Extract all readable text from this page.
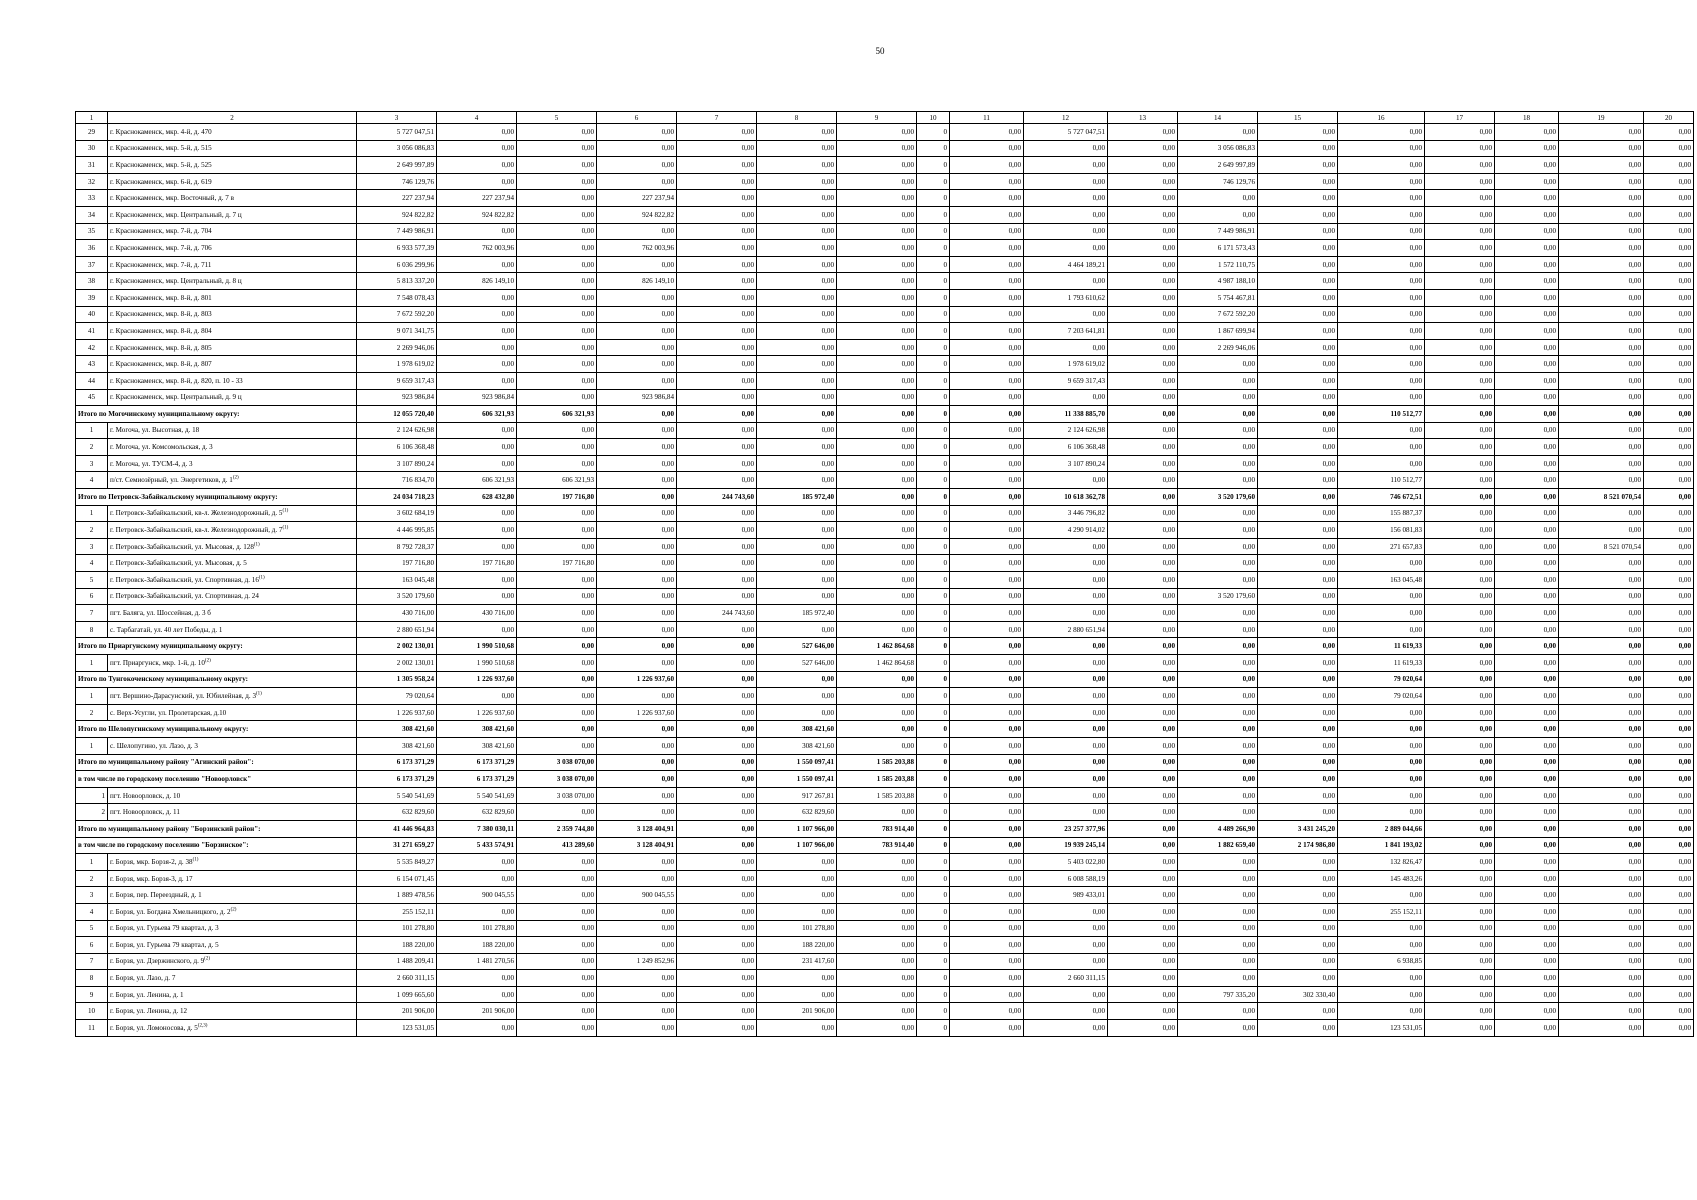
50
1	2	3	4	5	6	7	8	9	10	11	12	13	14	15	16	17	18	19	20
29	г. Краснокаменск, мкр. 4-й, д. 470	5 727 047,51	0,00	0,00	0,00	0,00	0,00	0,00	0	0,00	5 727 047,51	0,00	0,00	0,00	0,00	0,00	0,00	0,00	0,00
30	г. Краснокаменск, мкр. 5-й, д. 515	3 056 086,83	0,00	0,00	0,00	0,00	0,00	0,00	0	0,00	0,00	0,00	3 056 086,83	0,00	0,00	0,00	0,00	0,00	0,00
31	г. Краснокаменск, мкр. 5-й, д. 525	2 649 997,89	0,00	0,00	0,00	0,00	0,00	0,00	0	0,00	0,00	0,00	2 649 997,89	0,00	0,00	0,00	0,00	0,00	0,00
32	г. Краснокаменск, мкр. 6-й, д. 619	746 129,76	0,00	0,00	0,00	0,00	0,00	0,00	0	0,00	0,00	0,00	746 129,76	0,00	0,00	0,00	0,00	0,00	0,00
33	г. Краснокаменск, мкр. Восточный, д. 7 в	227 237,94	227 237,94	0,00	227 237,94	0,00	0,00	0,00	0	0,00	0,00	0,00	0,00	0,00	0,00	0,00	0,00	0,00	0,00
34	г. Краснокаменск, мкр. Центральный, д. 7 ц	924 822,82	924 822,82	0,00	924 822,82	0,00	0,00	0,00	0	0,00	0,00	0,00	0,00	0,00	0,00	0,00	0,00	0,00	0,00
35	г. Краснокаменск, мкр. 7-й, д. 704	7 449 986,91	0,00	0,00	0,00	0,00	0,00	0,00	0	0,00	0,00	0,00	7 449 986,91	0,00	0,00	0,00	0,00	0,00	0,00
36	г. Краснокаменск, мкр. 7-й, д. 706	6 933 577,39	762 003,96	0,00	762 003,96	0,00	0,00	0,00	0	0,00	0,00	0,00	6 171 573,43	0,00	0,00	0,00	0,00	0,00	0,00
37	г. Краснокаменск, мкр. 7-й, д. 711	6 036 299,96	0,00	0,00	0,00	0,00	0,00	0,00	0	0,00	4 464 189,21	0,00	1 572 110,75	0,00	0,00	0,00	0,00	0,00	0,00
38	г. Краснокаменск, мкр. Центральный, д. 8 ц	5 813 337,20	826 149,10	0,00	826 149,10	0,00	0,00	0,00	0	0,00	0,00	0,00	4 987 188,10	0,00	0,00	0,00	0,00	0,00	0,00
39	г. Краснокаменск, мкр. 8-й, д. 801	7 548 078,43	0,00	0,00	0,00	0,00	0,00	0,00	0	0,00	1 793 610,62	0,00	5 754 467,81	0,00	0,00	0,00	0,00	0,00	0,00
40	г. Краснокаменск, мкр. 8-й, д. 803	7 672 592,20	0,00	0,00	0,00	0,00	0,00	0,00	0	0,00	0,00	0,00	7 672 592,20	0,00	0,00	0,00	0,00	0,00	0,00
41	г. Краснокаменск, мкр. 8-й, д. 804	9 071 341,75	0,00	0,00	0,00	0,00	0,00	0,00	0	0,00	7 203 641,81	0,00	1 867 699,94	0,00	0,00	0,00	0,00	0,00	0,00
42	г. Краснокаменск, мкр. 8-й, д. 805	2 269 946,06	0,00	0,00	0,00	0,00	0,00	0,00	0	0,00	0,00	0,00	2 269 946,06	0,00	0,00	0,00	0,00	0,00	0,00
43	г. Краснокаменск, мкр. 8-й, д. 807	1 978 619,02	0,00	0,00	0,00	0,00	0,00	0,00	0	0,00	1 978 619,02	0,00	0,00	0,00	0,00	0,00	0,00	0,00	0,00
44	г. Краснокаменск, мкр. 8-й, д. 820, п. 10 - 33	9 659 317,43	0,00	0,00	0,00	0,00	0,00	0,00	0	0,00	9 659 317,43	0,00	0,00	0,00	0,00	0,00	0,00	0,00	0,00
45	г. Краснокаменск, мкр. Центральный, д. 9 ц	923 986,84	923 986,84	0,00	923 986,84	0,00	0,00	0,00	0	0,00	0,00	0,00	0,00	0,00	0,00	0,00	0,00	0,00	0,00
Итого по Могочинскому муниципальному округу:		12 055 720,40	606 321,93	606 321,93	0,00	0,00	0,00	0,00	0	0,00	11 338 885,70	0,00	0,00	0,00	110 512,77	0,00	0,00	0,00	0,00
1	г. Могоча, ул. Высотная, д. 18	2 124 626,98	0,00	0,00	0,00	0,00	0,00	0,00	0	0,00	2 124 626,98	0,00	0,00	0,00	0,00	0,00	0,00	0,00	0,00
2	г. Могоча, ул. Комсомольская, д. 3	6 106 368,48	0,00	0,00	0,00	0,00	0,00	0,00	0	0,00	6 106 368,48	0,00	0,00	0,00	0,00	0,00	0,00	0,00	0,00
3	г. Могоча, ул. ТУСМ-4, д. 3	3 107 890,24	0,00	0,00	0,00	0,00	0,00	0,00	0	0,00	3 107 890,24	0,00	0,00	0,00	0,00	0,00	0,00	0,00	0,00
4	п/ст. Семиозёрный, ул. Энергетиков, д. 1$^{(2)}$	716 834,70	606 321,93	606 321,93	0,00	0,00	0,00	0,00	0	0,00	0,00	0,00	0,00	0,00	110 512,77	0,00	0,00	0,00	0,00
Итого по Петровск-Забайкальскому муниципальному округу:		24 034 718,23	628 432,80	197 716,80	0,00	244 743,60	185 972,40	0,00	0	0,00	10 618 362,78	0,00	3 520 179,60	0,00	746 672,51	0,00	0,00	8 521 070,54	0,00
1	г. Петровск-Забайкальский, кв-л. Железнодорожный, д. 5$^{(1)}$	3 602 684,19	0,00	0,00	0,00	0,00	0,00	0,00	0	0,00	3 446 796,82	0,00	0,00	0,00	155 887,37	0,00	0,00	0,00	0,00
2	г. Петровск-Забайкальский, кв-л. Железнодорожный, д. 7$^{(1)}$	4 446 995,85	0,00	0,00	0,00	0,00	0,00	0,00	0	0,00	4 290 914,02	0,00	0,00	0,00	156 081,83	0,00	0,00	0,00	0,00
3	г. Петровск-Забайкальский, ул. Мысовая, д. 128$^{(1)}$	8 792 728,37	0,00	0,00	0,00	0,00	0,00	0,00	0	0,00	0,00	0,00	0,00	0,00	271 657,83	0,00	0,00	8 521 070,54	0,00
4	г. Петровск-Забайкальский, ул. Мысовая, д. 5	197 716,80	197 716,80	197 716,80	0,00	0,00	0,00	0,00	0	0,00	0,00	0,00	0,00	0,00	0,00	0,00	0,00	0,00	0,00
5	г. Петровск-Забайкальский, ул. Спортивная, д. 16$^{(1)}$	163 045,48	0,00	0,00	0,00	0,00	0,00	0,00	0	0,00	0,00	0,00	0,00	0,00	163 045,48	0,00	0,00	0,00	0,00
6	г. Петровск-Забайкальский, ул. Спортивная, д. 24	3 520 179,60	0,00	0,00	0,00	0,00	0,00	0,00	0	0,00	0,00	0,00	3 520 179,60	0,00	0,00	0,00	0,00	0,00	0,00
7	пгт. Балягa, ул. Шоссейная, д. 3 б	430 716,00	430 716,00	0,00	0,00	244 743,60	185 972,40	0,00	0	0,00	0,00	0,00	0,00	0,00	0,00	0,00	0,00	0,00	0,00
8	с. Тарбагатай, ул. 40 лет Победы, д. 1	2 880 651,94	0,00	0,00	0,00	0,00	0,00	0,00	0	0,00	2 880 651,94	0,00	0,00	0,00	0,00	0,00	0,00	0,00	0,00
Итого по Приаргунскому муниципальному округу:		2 002 130,01	1 990 510,68	0,00	0,00	0,00	527 646,00	1 462 864,68	0	0,00	0,00	0,00	0,00	0,00	11 619,33	0,00	0,00	0,00	0,00
1	пгт. Приаргунск, мкр. 1-й, д. 10$^{(2)}$	2 002 130,01	1 990 510,68	0,00	0,00	0,00	527 646,00	1 462 864,68	0	0,00	0,00	0,00	0,00	0,00	11 619,33	0,00	0,00	0,00	0,00
Итого по Тунгокоченскому муниципальному округу:		1 305 958,24	1 226 937,60	0,00	1 226 937,60	0,00	0,00	0,00	0	0,00	0,00	0,00	0,00	0,00	79 020,64	0,00	0,00	0,00	0,00
1	пгт. Вершино-Дарасунский, ул. Юбилейная, д. 3$^{(1)}$	79 020,64	0,00	0,00	0,00	0,00	0,00	0,00	0	0,00	0,00	0,00	0,00	0,00	79 020,64	0,00	0,00	0,00	0,00
2	с. Верх-Усугли, ул. Пролетарская, д.10	1 226 937,60	1 226 937,60	0,00	1 226 937,60	0,00	0,00	0,00	0	0,00	0,00	0,00	0,00	0,00	0,00	0,00	0,00	0,00	0,00
Итого по Шелопугинскому муниципальному округу:		308 421,60	308 421,60	0,00	0,00	0,00	308 421,60	0,00	0	0,00	0,00	0,00	0,00	0,00	0,00	0,00	0,00	0,00	0,00
1	с. Шелопугино, ул. Лазо, д. 3	308 421,60	308 421,60	0,00	0,00	0,00	308 421,60	0,00	0	0,00	0,00	0,00	0,00	0,00	0,00	0,00	0,00	0,00	0,00
Итого по муниципальному району "Агинский район":		6 173 371,29	6 173 371,29	3 038 070,00	0,00	0,00	1 550 097,41	1 585 203,88	0	0,00	0,00	0,00	0,00	0,00	0,00	0,00	0,00	0,00	0,00
в том числе по городскому поселению "Новоорловск"		6 173 371,29	6 173 371,29	3 038 070,00	0,00	0,00	1 550 097,41	1 585 203,88	0	0,00	0,00	0,00	0,00	0,00	0,00	0,00	0,00	0,00	0,00
1	пгт. Новоорловск, д. 10	5 540 541,69	5 540 541,69	3 038 070,00	0,00	0,00	917 267,81	1 585 203,88	0	0,00	0,00	0,00	0,00	0,00	0,00	0,00	0,00	0,00	0,00
2	пгт. Новоорловск, д. 11	632 829,60	632 829,60	0,00	0,00	0,00	632 829,60	0,00	0	0,00	0,00	0,00	0,00	0,00	0,00	0,00	0,00	0,00	0,00
Итого по муниципальному району "Борзинский район":		41 446 964,83	7 380 030,11	2 359 744,80	3 128 404,91	0,00	1 107 966,00	783 914,40	0	0,00	23 257 377,96	0,00	4 489 266,90	3 431 245,20	2 889 044,66	0,00	0,00	0,00	0,00
в том числе по городскому поселению "Борзинское":		31 271 659,27	5 433 574,91	413 289,60	3 128 404,91	0,00	1 107 966,00	783 914,40	0	0,00	19 939 245,14	0,00	1 882 659,40	2 174 986,80	1 841 193,02	0,00	0,00	0,00	0,00
1	г. Борзя, мкр. Борзя-2, д. 38$^{(1)}$	5 535 849,27	0,00	0,00	0,00	0,00	0,00	0,00	0	0,00	5 403 022,80	0,00	0,00	0,00	132 826,47	0,00	0,00	0,00	0,00
2	г. Борзя, мкр. Борзя-3, д. 17	6 154 071,45	0,00	0,00	0,00	0,00	0,00	0,00	0	0,00	6 008 588,19	0,00	0,00	0,00	145 483,26	0,00	0,00	0,00	0,00
3	г. Борзя, пер. Переездный, д. 1	1 889 478,56	900 045,55	0,00	900 045,55	0,00	0,00	0,00	0	0,00	989 433,01	0,00	0,00	0,00	0,00	0,00	0,00	0,00	0,00
4	г. Борзя, ул. Богдана Хмельницкого, д. 2$^{(2)}$	255 152,11	0,00	0,00	0,00	0,00	0,00	0,00	0	0,00	0,00	0,00	0,00	0,00	255 152,11	0,00	0,00	0,00	0,00
5	г. Борзя, ул. Гурьева 79 квартал, д. 3	101 278,80	101 278,80	0,00	0,00	0,00	101 278,80	0,00	0	0,00	0,00	0,00	0,00	0,00	0,00	0,00	0,00	0,00	0,00
6	г. Борзя, ул. Гурьева 79 квартал, д. 5	188 220,00	188 220,00	0,00	0,00	0,00	188 220,00	0,00	0	0,00	0,00	0,00	0,00	0,00	0,00	0,00	0,00	0,00	0,00
7	г. Борзя, ул. Дзержинского, д. 9$^{(2)}$	1 488 209,41	1 481 270,56	0,00	1 249 852,96	0,00	231 417,60	0,00	0	0,00	0,00	0,00	0,00	0,00	6 938,85	0,00	0,00	0,00	0,00
8	г. Борзя, ул. Лазо, д. 7	2 660 311,15	0,00	0,00	0,00	0,00	0,00	0,00	0	0,00	2 660 311,15	0,00	0,00	0,00	0,00	0,00	0,00	0,00	0,00
9	г. Борзя, ул. Ленина, д. 1	1 099 665,60	0,00	0,00	0,00	0,00	0,00	0,00	0	0,00	0,00	0,00	797 335,20	302 330,40	0,00	0,00	0,00	0,00	0,00
10	г. Борзя, ул. Ленина, д. 12	201 906,00	201 906,00	0,00	0,00	0,00	201 906,00	0,00	0	0,00	0,00	0,00	0,00	0,00	0,00	0,00	0,00	0,00	0,00
11	г. Борзя, ул. Ломоносова, д. 5$^{(2,3)}$	123 531,05	0,00	0,00	0,00	0,00	0,00	0,00	0	0,00	0,00	0,00	0,00	0,00	123 531,05	0,00	0,00	0,00	0,00
